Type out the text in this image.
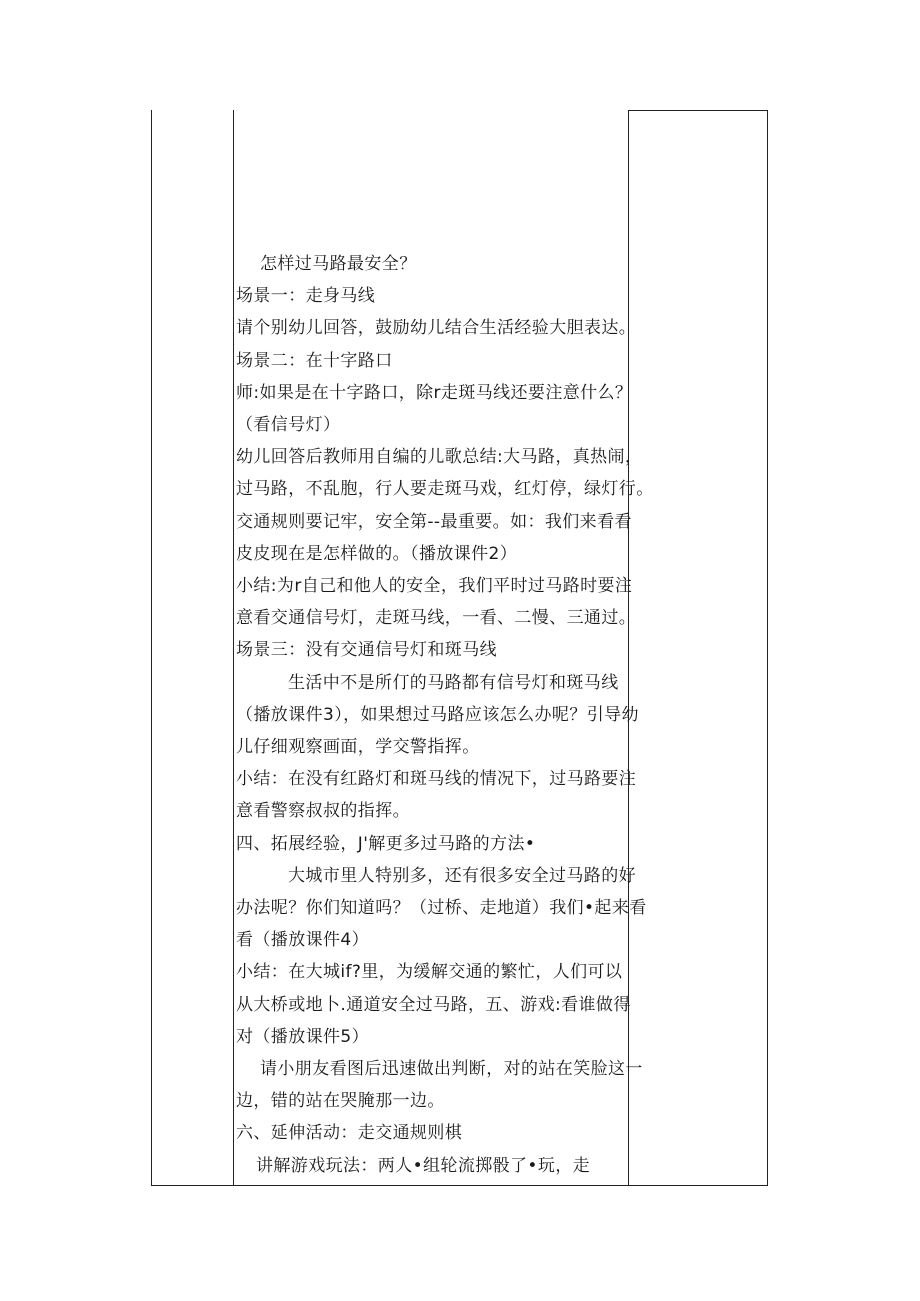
怎样过马路最安全？
场景一：走身马线
请个别幼儿回答，鼓励幼儿结合生活经验大胆表达。
场景二：在十字路口
师:如果是在十字路口，除r走斑马线还要注意什么？
（看信号灯）
幼儿回答后教师用自编的儿歌总结:大马路，真热闹，
过马路，不乱胞，行人要走斑马戏，红灯停，绿灯行。
交通规则要记牢，安全第--最重要。如：我们来看看
皮皮现在是怎样做的。（播放课件2）
小结:为r自己和他人的安全，我们平时过马路时要注
意看交通信号灯，走斑马线，一看、二慢、三通过。
场景三：没有交通信号灯和斑马线
生活中不是所仃的马路都有信号灯和斑马线
（播放课件3），如果想过马路应该怎么办呢？引导幼
儿仔细观察画面，学交警指挥。
小结：在没有红路灯和斑马线的情况下，过马路要注
意看警察叔叔的指挥。
四、拓展经验，J'解更多过马路的方法•
大城市里人特别多，还有很多安全过马路的好
办法呢？你们知道吗？（过桥、走地道）我们•起来看
看（播放课件4）
小结：在大城if?里，为缓解交通的繁忙，人们可以
从大桥或地卜.通道安全过马路，五、游戏:看谁做得
对（播放课件5）
请小朋友看图后迅速做出判断，对的站在笑脸这一
边，错的站在哭腌那一边。
六、延伸活动：走交通规则棋
讲解游戏玩法：两人•组轮流掷骰了•玩，走
